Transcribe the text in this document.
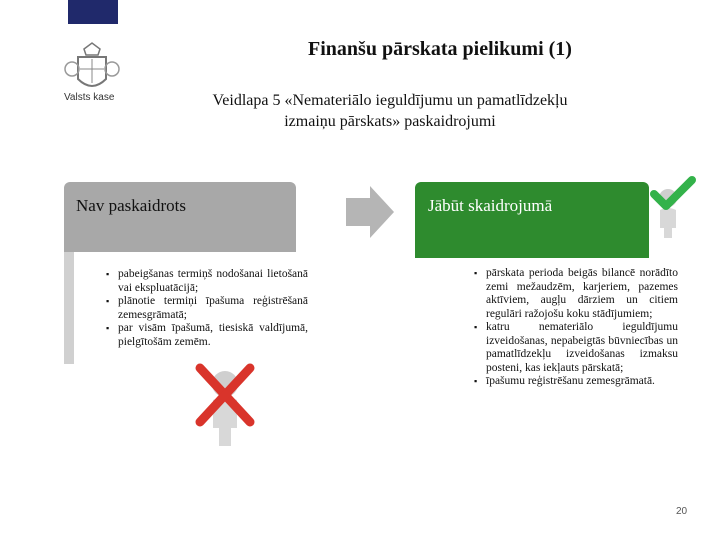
Valsts kase
Finanšu pārskata pielikumi (1)
Veidlapa 5 «Nemateriālo ieguldījumu un pamatlīdzekļu izmaiņu pārskats» paskaidrojumi
Nav paskaidrots
▪ pabeigšanas termiņš nodošanai lietošanā vai ekspluatācijā;
▪ plānotie termiņi īpašuma reģistrēšanā zemesgrāmatā;
▪ par visām īpašumā, tiesiskā valdījumā, pielgītošām zemēm.
Jābūt skaidrojumā
▪ pārskata perioda beigās bilancē norādīto zemi mežaudzēm, karjeriem, pazemes aktīviem, augļu dārziem un citiem regulāri ražojošu koku stādījumiem;
▪ katru nemateriālo ieguldījumu izveidošanas, nepabeigtās būvniecības un pamatlīdzekļu izveidošanas izmaksu posteni, kas iekļauts pārskatā;
▪ īpašumu reģistrēšanu zemesgrāmatā.
20
